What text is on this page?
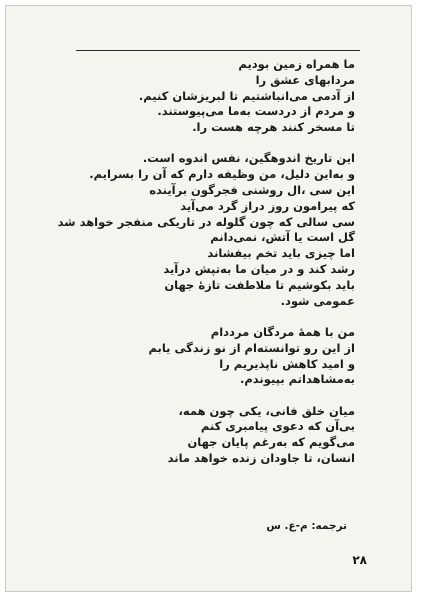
ما همراه زمین بودیم
مردابهای عشق را
از آدمی می‌انباشتیم تا لبریزشان کنیم.
و مردم از دردست به‌ما می‌پیوستند.
تا مسخر کنند هرچه هست را.
این تاریخ اندوهگین، نفس اندوه است.
و به‌این دلیل، من وظیفه دارم که آن را بسرایم.
این سی ،ال روشنی فجرگون برآینده
که پیرامون روز دراز گرد می‌آید
سی سالی که چون گلوله در تاریکی منفجر خواهد شد
گل است یا آتش، نمی‌دانم
اما چیزی باید تخم بیفشاند
رشد کند و در میان ما به‌تپش درآید
باید بکوشیم تا ملاطفت تازهٔ جهان
عمومی شود.
من با همهٔ مردگان مرددام
از این رو توانسته‌ام از نو زندگی یابم
و امید کاهش ناپذیریم را
به‌مشاهداتم بپیوندم.
میان خلق فانی، یکی چون همه،
بی‌آن که دعوی پیامبری کنم
می‌گویم که به‌رغم پایان جهان
انسان، تا جاودان زنده خواهد ماند
ترجمه: م-ع. س
۲۸
